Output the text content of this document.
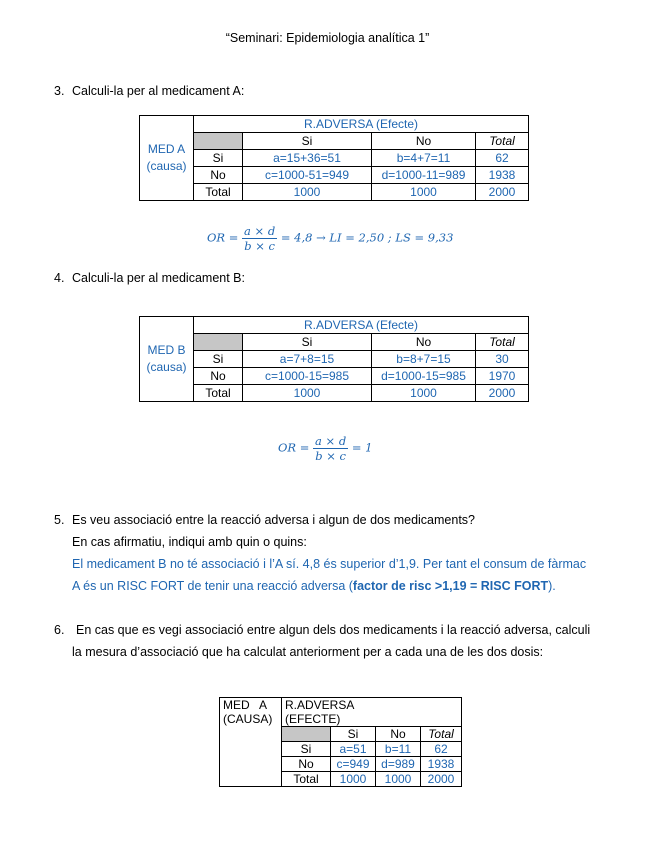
“Seminari: Epidemiologia analítica 1”
3. Calculi-la per al medicament A:
MED A
(causa)	R.ADVERSA (Efecte)			
		Si	No	Total
	Si	a=15+36=51	b=4+7=11	62
	No	c=1000-51=949	d=1000-11=989	1938
	Total	1000	1000	2000
OR = $\frac{a \times d}{b \times c} = 4,8$ → LI = 2,50 ; LS = 9,33
4. Calculi-la per al medicament B:
MED B
(causa)	R.ADVERSA (Efecte)			
		Si	No	Total
	Si	a=7+8=15	b=8+7=15	30
	No	c=1000-15=985	d=1000-15=985	1970
	Total	1000	1000	2000
OR = $\frac{a \times d}{b \times c} = 1$
5. Es veu associació entre la reacció adversa i algun de dos medicaments?
En cas afirmatiu, indiqui amb quin o quins:
El medicament B no té associació i l’A sí. 4,8 és superior d’1,9. Per tant el consum de fàrmac
A és un RISC FORT de tenir una reacció adversa (factor de risc >1,19 = RISC FORT).
6. En cas que es vegi associació entre algun dels dos medicaments i la reacció adversa, calculi
la mesura d’associació que ha calculat anteriorment per a cada una de les dos dosis:
MED   A
(CAUSA)	R.ADVERSA
(EFECTE)			

		Si	No	Total
	Si	a=51	b=11	62
	No	c=949	d=989	1938
	Total	1000	1000	2000
